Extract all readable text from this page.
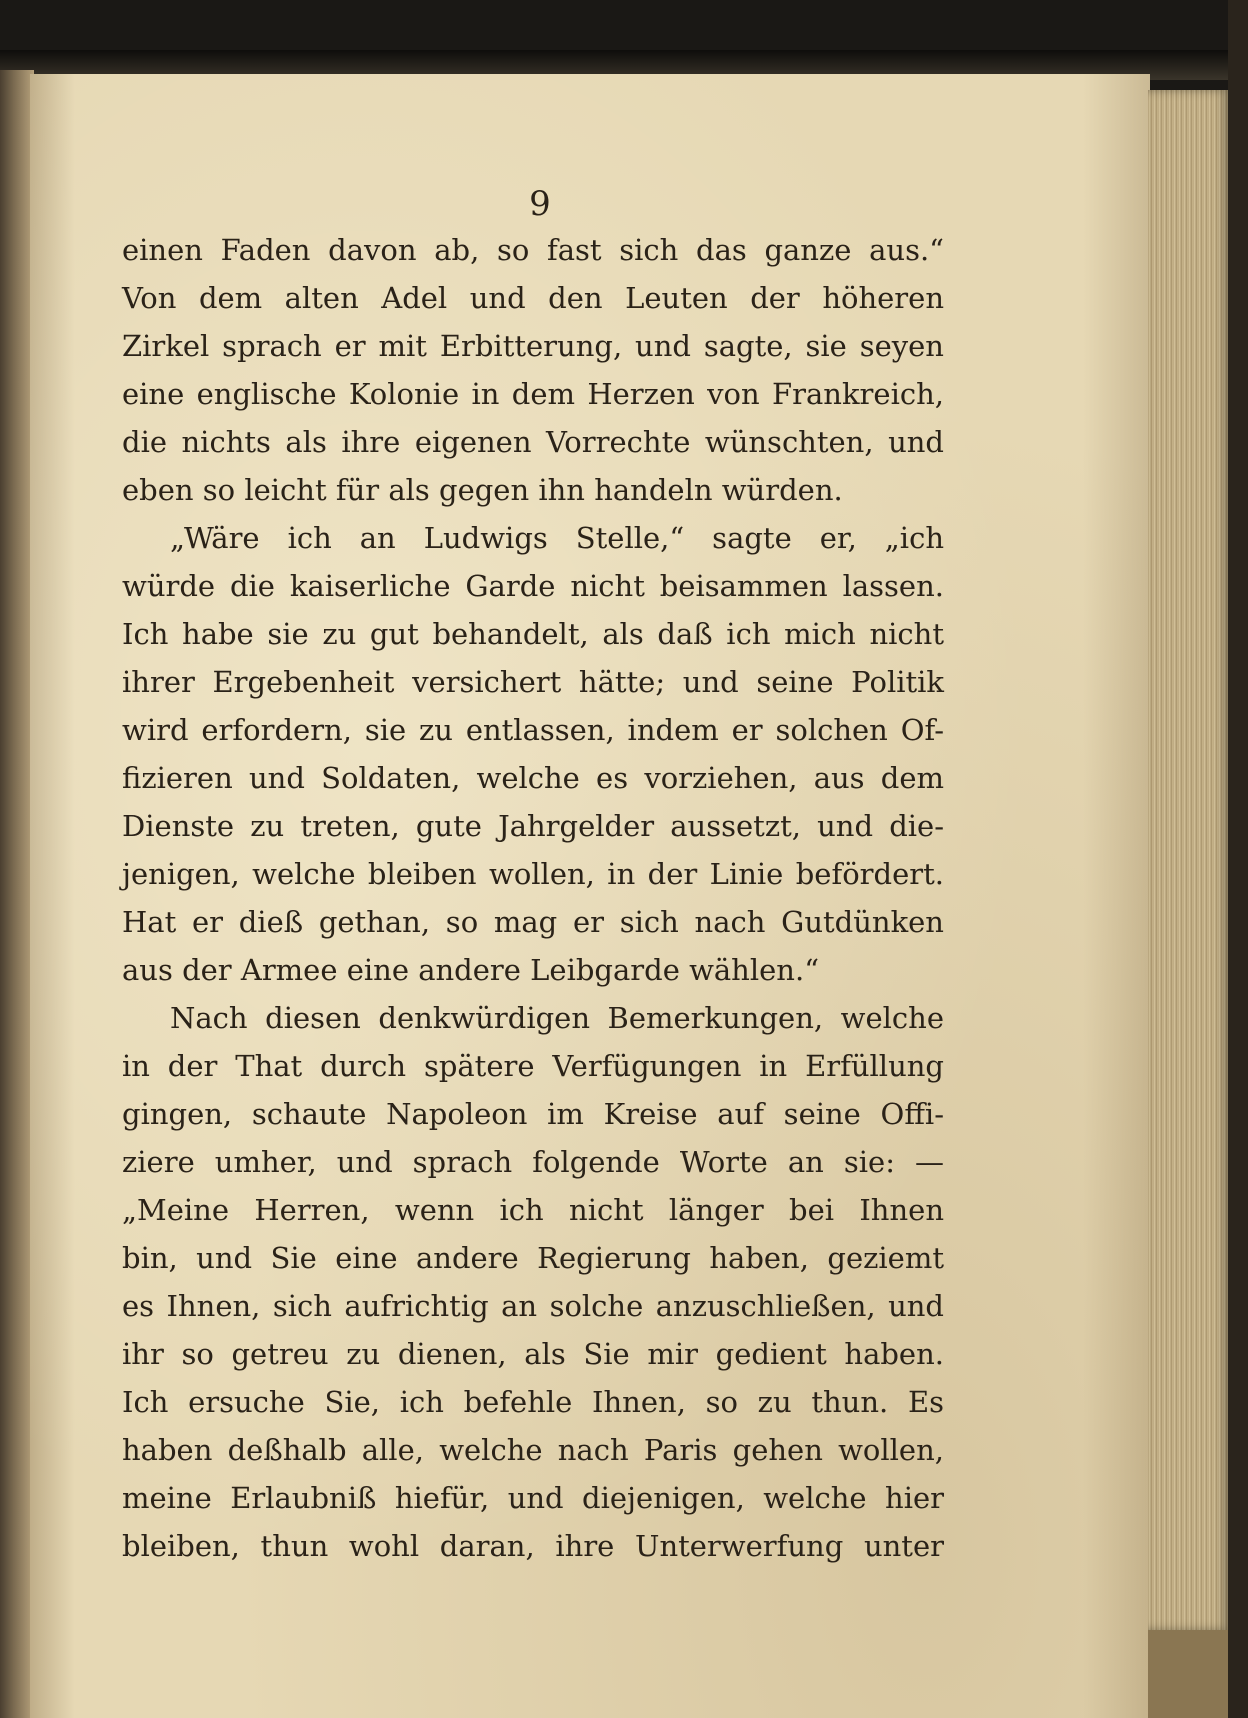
9
einen Faden davon ab, so fast sich das ganze aus.“
Von dem alten Adel und den Leuten der höheren
Zirkel sprach er mit Erbitterung, und sagte, sie seyen
eine englische Kolonie in dem Herzen von Frankreich,
die nichts als ihre eigenen Vorrechte wünschten, und
eben so leicht für als gegen ihn handeln würden.
„Wäre ich an Ludwigs Stelle,“ sagte er, „ich
würde die kaiserliche Garde nicht beisammen lassen.
Ich habe sie zu gut behandelt, als daß ich mich nicht
ihrer Ergebenheit versichert hätte; und seine Politik
wird erfordern, sie zu entlassen, indem er solchen Of-
fizieren und Soldaten, welche es vorziehen, aus dem
Dienste zu treten, gute Jahrgelder aussetzt, und die-
jenigen, welche bleiben wollen, in der Linie befördert.
Hat er dieß gethan, so mag er sich nach Gutdünken
aus der Armee eine andere Leibgarde wählen.“
Nach diesen denkwürdigen Bemerkungen, welche
in der That durch spätere Verfügungen in Erfüllung
gingen, schaute Napoleon im Kreise auf seine Offi-
ziere umher, und sprach folgende Worte an sie: —
„Meine Herren, wenn ich nicht länger bei Ihnen
bin, und Sie eine andere Regierung haben, geziemt
es Ihnen, sich aufrichtig an solche anzuschließen, und
ihr so getreu zu dienen, als Sie mir gedient haben.
Ich ersuche Sie, ich befehle Ihnen, so zu thun. Es
haben deßhalb alle, welche nach Paris gehen wollen,
meine Erlaubniß hiefür, und diejenigen, welche hier
bleiben, thun wohl daran, ihre Unterwerfung unter
